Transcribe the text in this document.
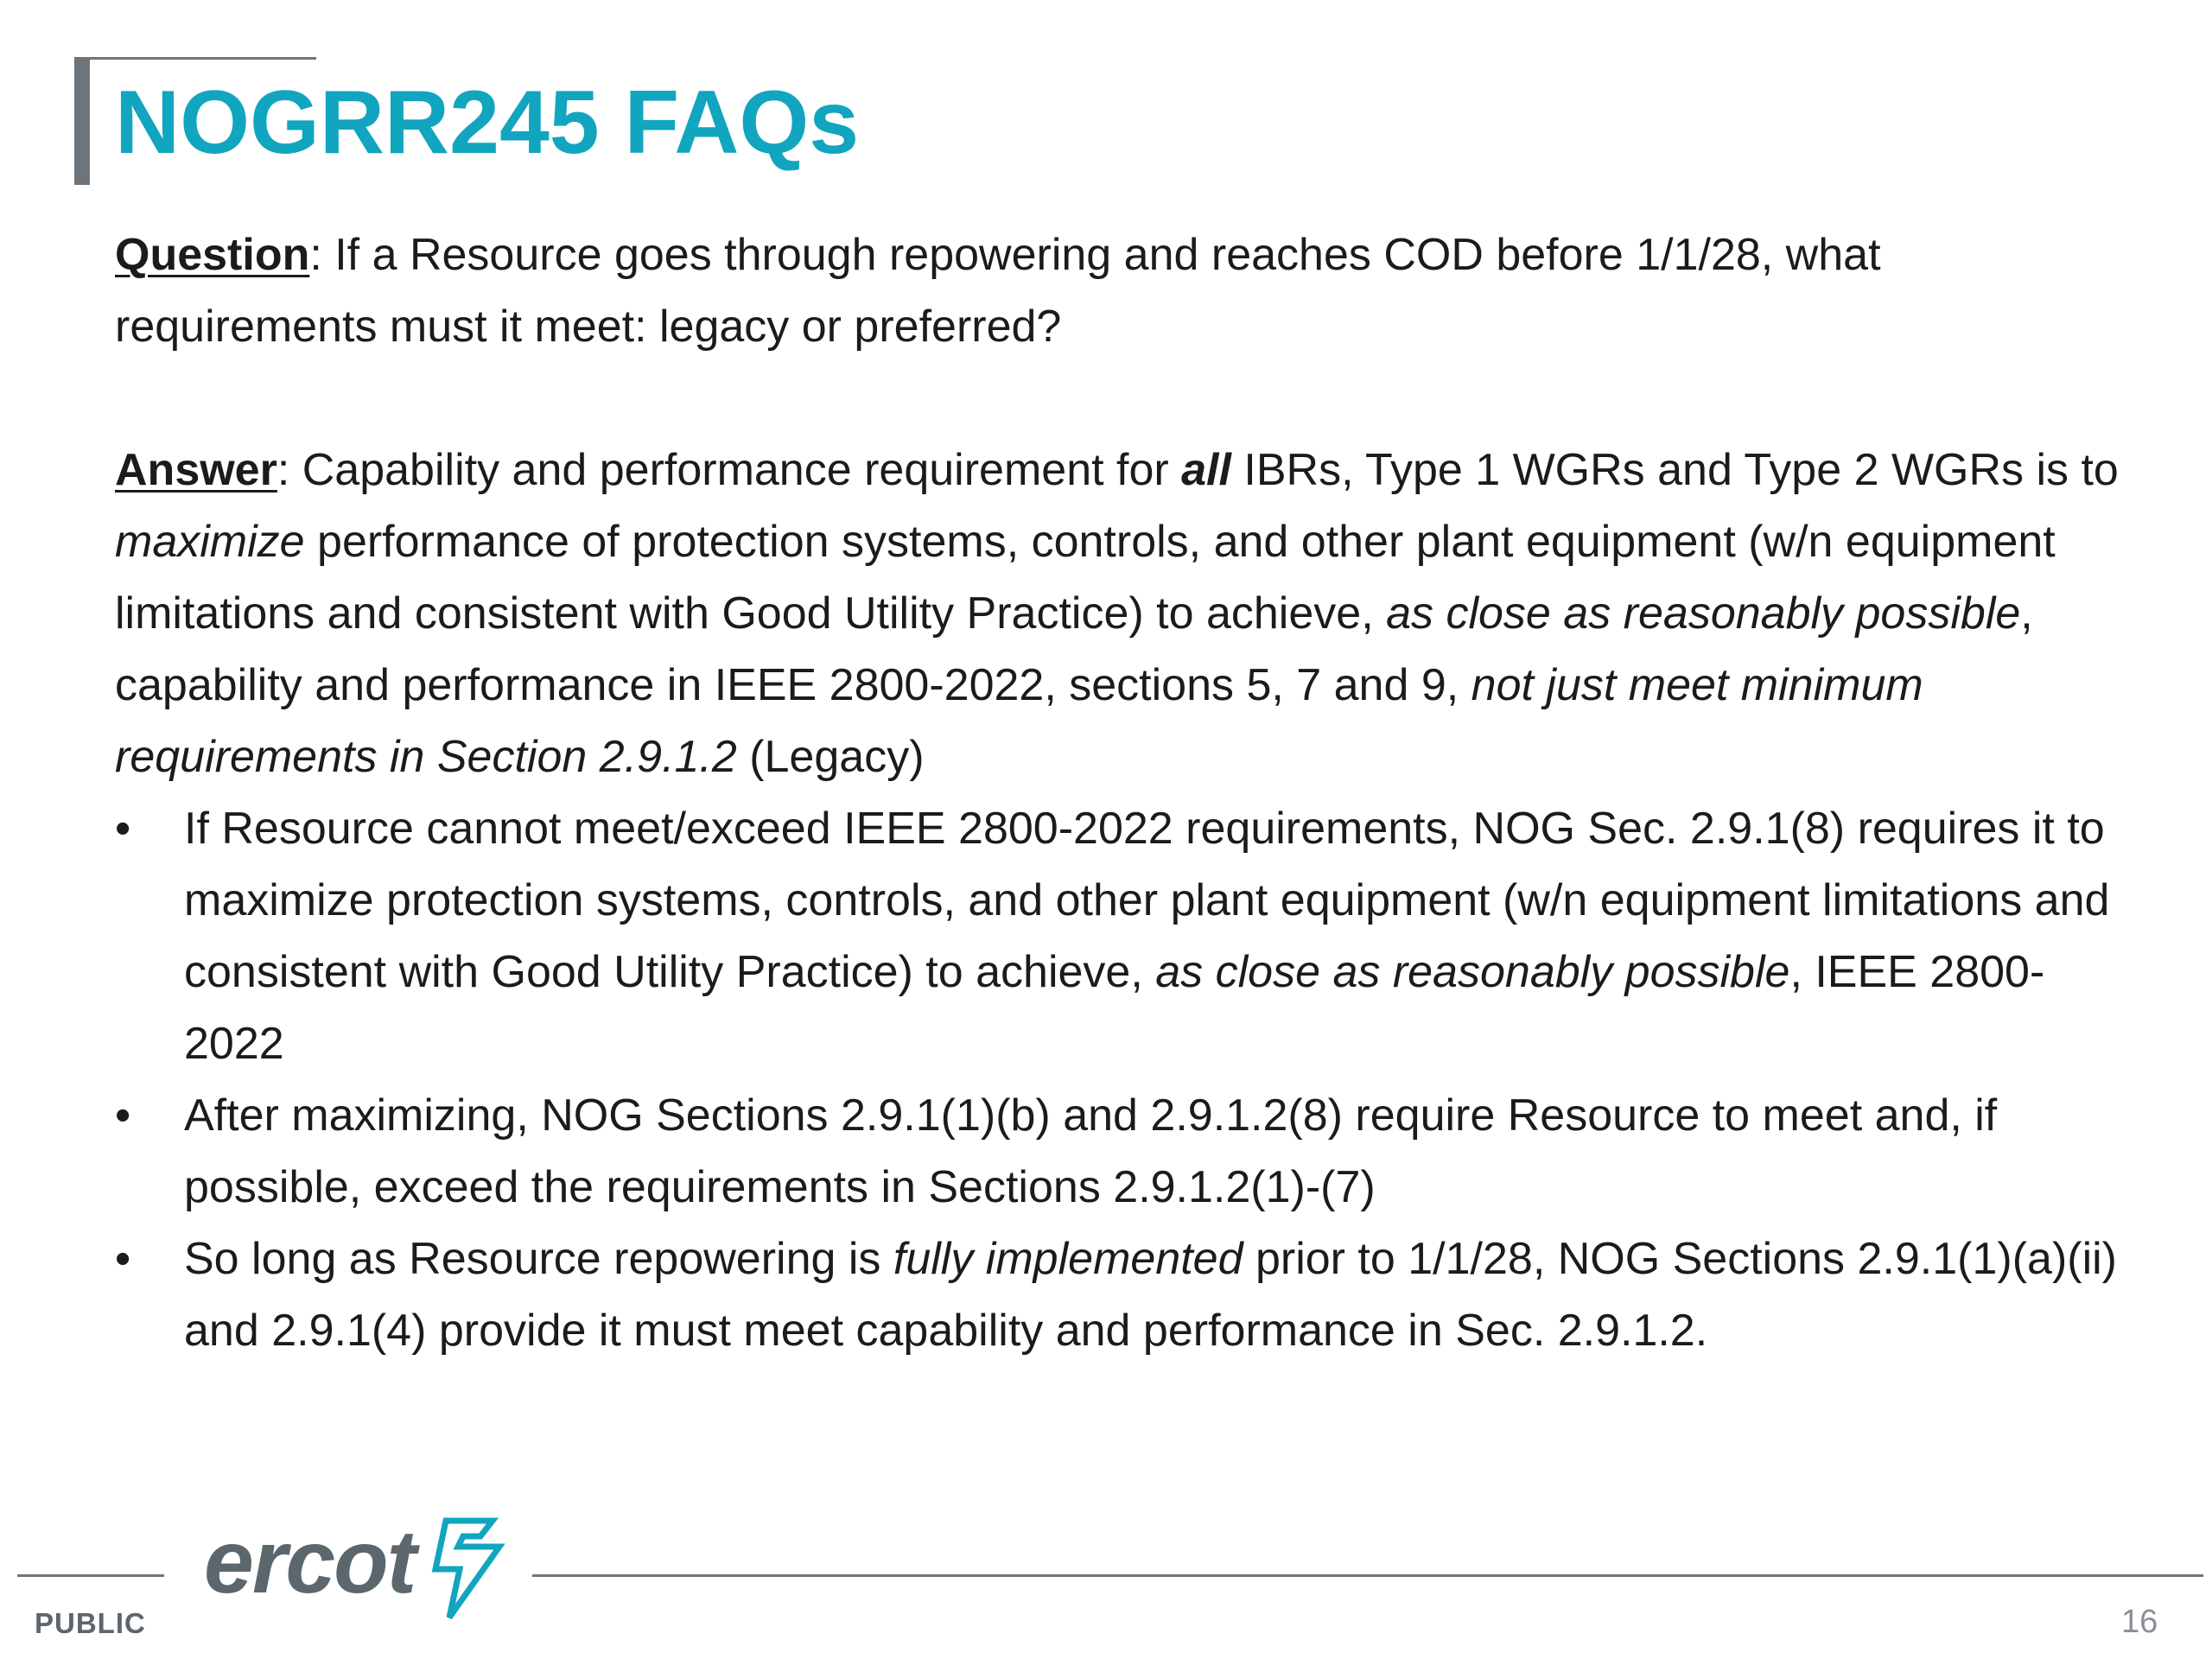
NOGRR245 FAQs

Question: If a Resource goes through repowering and reaches COD before 1/1/28, what requirements must it meet: legacy or preferred?

Answer: Capability and performance requirement for all IBRs, Type 1 WGRs and Type 2 WGRs is to maximize performance of protection systems, controls, and other plant equipment (w/n equipment limitations and consistent with Good Utility Practice) to achieve, as close as reasonably possible, capability and performance in IEEE 2800-2022, sections 5, 7 and 9, not just meet minimum requirements in Section 2.9.1.2 (Legacy)

• If Resource cannot meet/exceed IEEE 2800-2022 requirements, NOG Sec. 2.9.1(8) requires it to maximize protection systems, controls, and other plant equipment (w/n equipment limitations and consistent with Good Utility Practice) to achieve, as close as reasonably possible, IEEE 2800-2022
• After maximizing, NOG Sections 2.9.1(1)(b) and 2.9.1.2(8) require Resource to meet and, if possible, exceed the requirements in Sections 2.9.1.2(1)-(7)
• So long as Resource repowering is fully implemented prior to 1/1/28, NOG Sections 2.9.1(1)(a)(ii) and 2.9.1(4) provide it must meet capability and performance in Sec. 2.9.1.2.
ercot
PUBLIC	16
